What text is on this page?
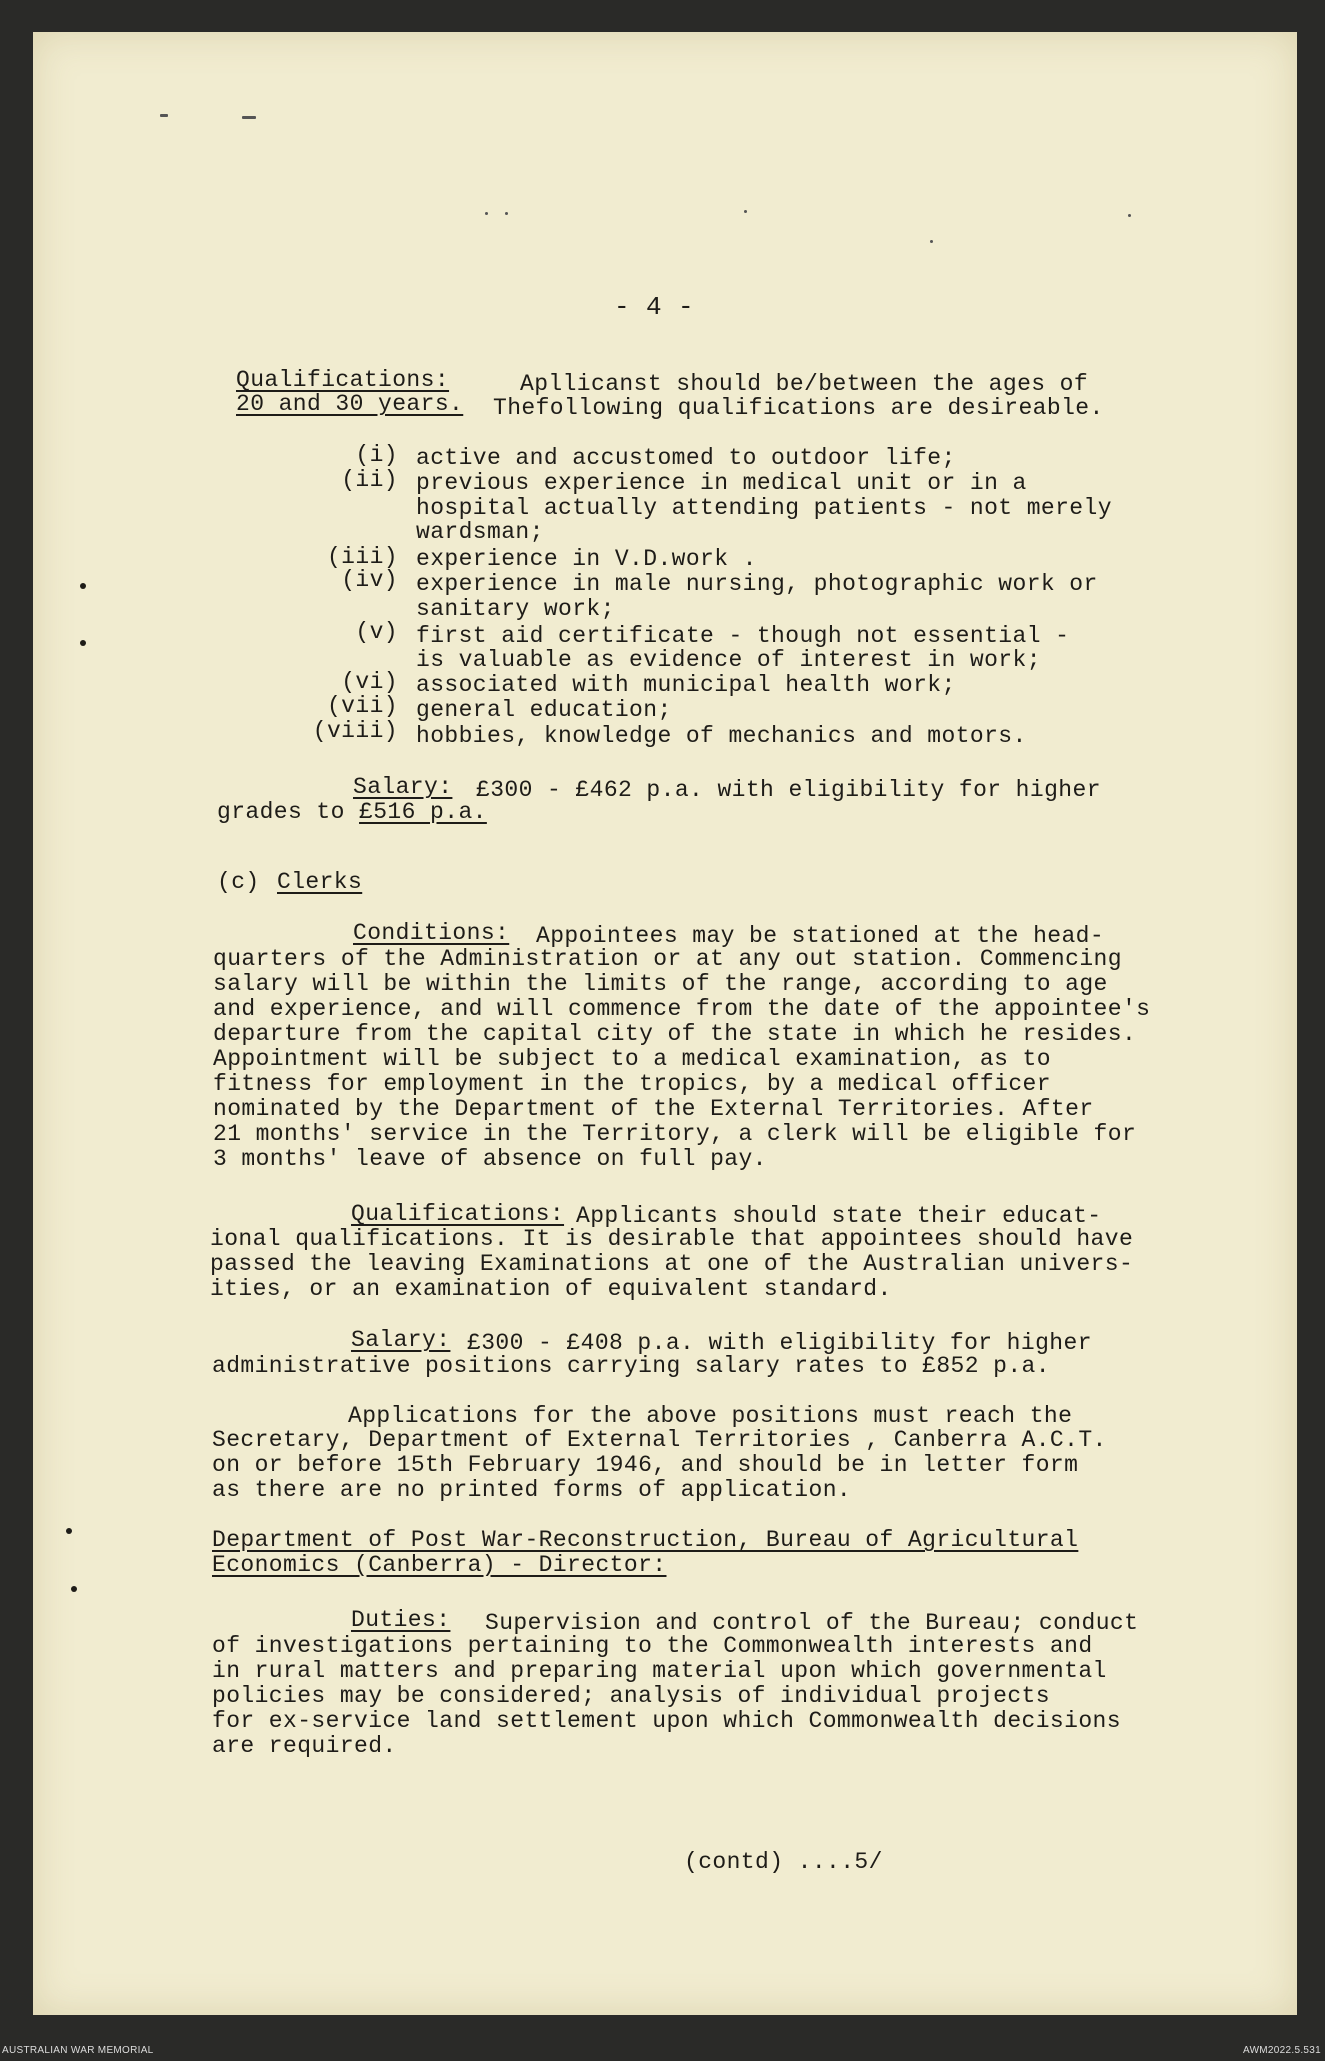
- 4 -
Qualifications:	Apllicanst should be/between the ages of
20 and 30 years. Thefollowing qualifications are desireable.
(i) active and accustomed to outdoor life;
(ii) previous experience in medical unit or in a
hospital actually attending patients - not merely
wardsman;
(iii) experience in V.D.work .
(iv) experience in male nursing, photographic work or
sanitary work;
(v) first aid certificate - though not essential -
is valuable as evidence of interest in work;
(vi) associated with municipal health work;
(vii) general education;
(viii) hobbies, knowledge of mechanics and motors.
Salary: £300 - £462 p.a. with eligibility for higher
grades to £516 p.a.
(c) Clerks
Conditions: Appointees may be stationed at the head-
quarters of the Administration or at any out station. Commencing
salary will be within the limits of the range, according to age
and experience, and will commence from the date of the appointee's
departure from the capital city of the state in which he resides.
Appointment will be subject to a medical examination, as to
fitness for employment in the tropics, by a medical officer
nominated by the Department of the External Territories. After
21 months' service in the Territory, a clerk will be eligible for
3 months' leave of absence on full pay.
Qualifications: Applicants should state their educat-
ional qualifications. It is desirable that appointees should have
passed the leaving Examinations at one of the Australian univers-
ities, or an examination of equivalent standard.
Salary: £300 - £408 p.a. with eligibility for higher
administrative positions carrying salary rates to £852 p.a.
Applications for the above positions must reach the
Secretary, Department of External Territories , Canberra A.C.T.
on or before 15th February 1946, and should be in letter form
as there are no printed forms of application.
Department of Post War-Reconstruction, Bureau of Agricultural
Economics (Canberra) - Director:
Duties: Supervision and control of the Bureau; conduct
of investigations pertaining to the Commonwealth interests and
in rural matters and preparing material upon which governmental
policies may be considered; analysis of individual projects
for ex-service land settlement upon which Commonwealth decisions
are required.
(contd) ....5/
AUSTRALIAN WAR MEMORIAL	AWM2022.5.531
